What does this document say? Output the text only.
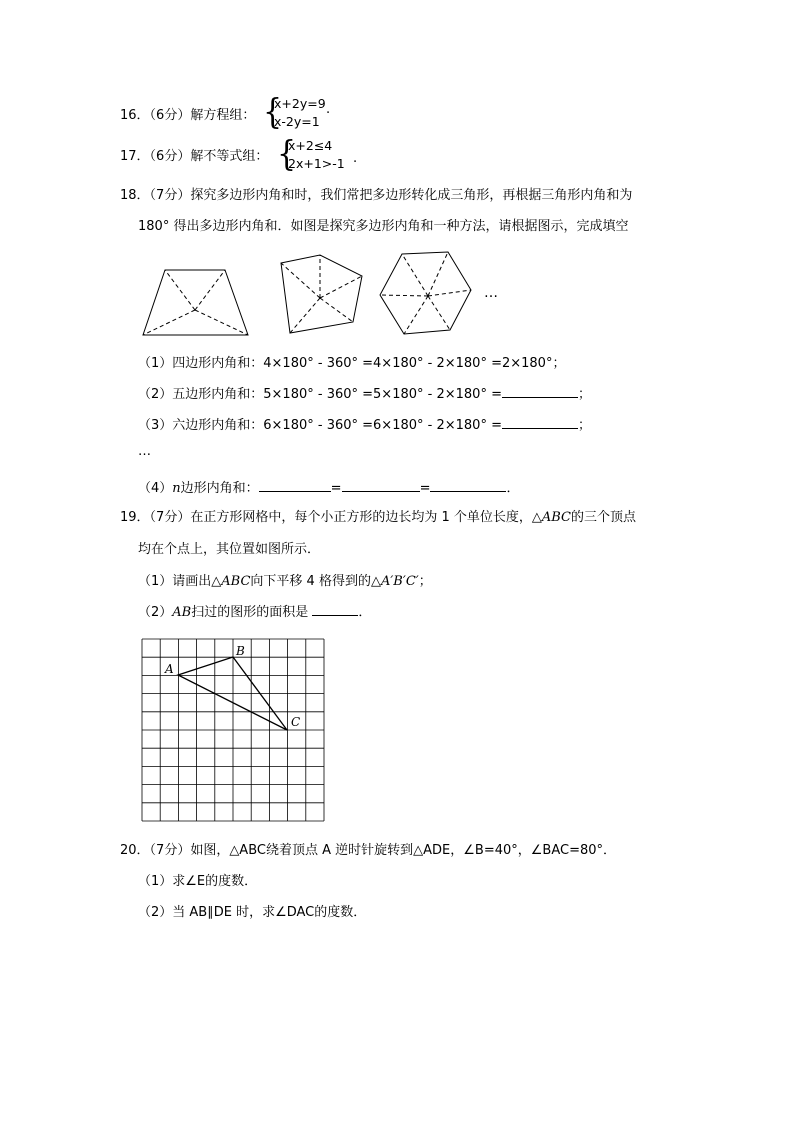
16．（6分）解方程组： {
x+2y=9
x-2y=1
.
17．（6分）解不等式组： {
x+2≤4
2x+1>-1 .
18．（7分）探究多边形内角和时，我们常把多边形转化成三角形，再根据三角形内角和为
180° 得出多边形内角和．如图是探究多边形内角和一种方法，请根据图示，完成填空
…
（1）四边形内角和：4×180° - 360° =4×180° - 2×180° =2×180°；
（2）五边形内角和：5×180° - 360° =5×180° - 2×180° =	；
（3）六边形内角和：6×180° - 360° =6×180° - 2×180° =	；
…
（4）n边形内角和：	=	=	．
19．（7分）在正方形网格中，每个小正方形的边长均为 1 个单位长度，△ABC的三个顶点
均在个点上，其位置如图所示．
（1）请画出△ABC向下平移 4 格得到的△A′B′C′；
（2）AB扫过的图形的面积是	．
A
B
C
20．（7分）如图，△ABC绕着顶点 A 逆时针旋转到△ADE，∠B=40°，∠BAC=80°．
（1）求∠E的度数．
（2）当 AB∥DE 时，求∠DAC的度数．
